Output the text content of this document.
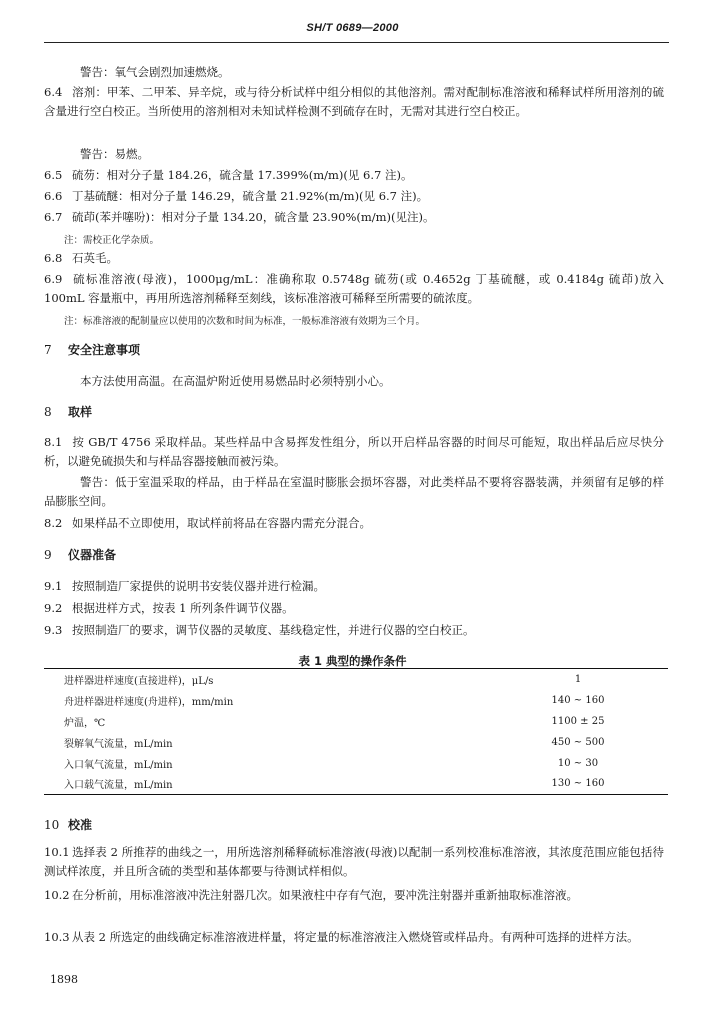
SH/T 0689—2000
警告：氧气会剧烈加速燃烧。
6.4 溶剂：甲苯、二甲苯、异辛烷，或与待分析试样中组分相似的其他溶剂。需对配制标准溶液和稀释试样所用溶剂的硫含量进行空白校正。当所使用的溶剂相对未知试样检测不到硫存在时，无需对其进行空白校正。
警告：易燃。
6.5 硫芴：相对分子量 184.26，硫含量 17.399%(m/m)(见 6.7 注)。
6.6 丁基硫醚：相对分子量 146.29，硫含量 21.92%(m/m)(见 6.7 注)。
6.7 硫茚(苯并噻吩)：相对分子量 134.20，硫含量 23.90%(m/m)(见注)。
注：需校正化学杂质。
6.8 石英毛。
6.9 硫标准溶液(母液)，1000μg/mL：准确称取 0.5748g 硫芴(或 0.4652g 丁基硫醚，或 0.4184g 硫茚)放入 100mL 容量瓶中，再用所选溶剂稀释至刻线，该标准溶液可稀释至所需要的硫浓度。
注：标准溶液的配制量应以使用的次数和时间为标准，一般标准溶液有效期为三个月。
7 安全注意事项
本方法使用高温。在高温炉附近使用易燃品时必须特别小心。
8 取样
8.1 按 GB/T 4756 采取样品。某些样品中含易挥发性组分，所以开启样品容器的时间尽可能短，取出样品后应尽快分析，以避免硫损失和与样品容器接触而被污染。
警告：低于室温采取的样品，由于样品在室温时膨胀会损坏容器，对此类样品不要将容器装满，并须留有足够的样品膨胀空间。
8.2 如果样品不立即使用，取试样前将品在容器内需充分混合。
9 仪器准备
9.1 按照制造厂家提供的说明书安装仪器并进行检漏。
9.2 根据进样方式，按表 1 所列条件调节仪器。
9.3 按照制造厂的要求，调节仪器的灵敏度、基线稳定性，并进行仪器的空白校正。
表 1 典型的操作条件
进样器进样速度(直接进样)，μL/s	1
舟进样器进样速度(舟进样)，mm/min	140 ~ 160
炉温，℃	1100 ± 25
裂解氧气流量，mL/min	450 ~ 500
入口氧气流量，mL/min	10 ~ 30
入口载气流量，mL/min	130 ~ 160
10 校准
10.1 选择表 2 所推荐的曲线之一，用所选溶剂稀释硫标准溶液(母液)以配制一系列校准标准溶液，其浓度范围应能包括待测试样浓度，并且所含硫的类型和基体都要与待测试样相似。
10.2 在分析前，用标准溶液冲洗注射器几次。如果液柱中存有气泡，要冲洗注射器并重新抽取标准溶液。
10.3 从表 2 所选定的曲线确定标准溶液进样量，将定量的标准溶液注入燃烧管或样品舟。有两种可选择的进样方法。
1898
